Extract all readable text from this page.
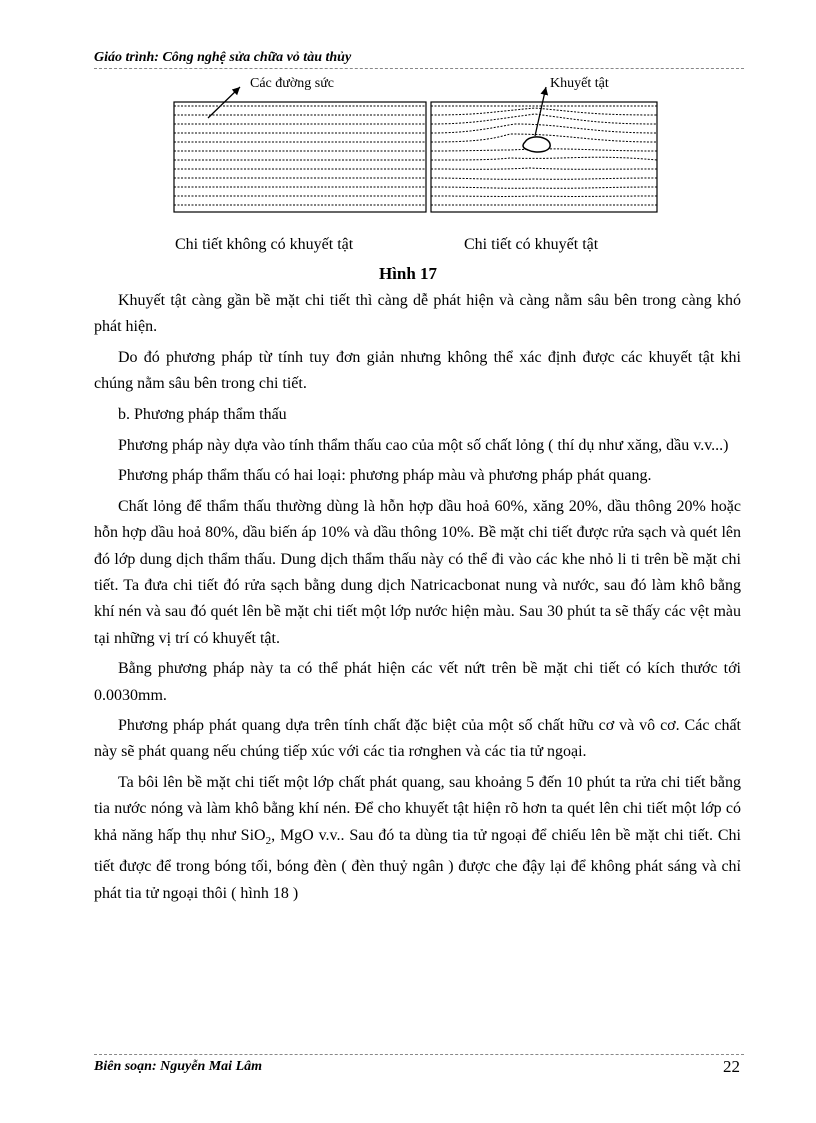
Giáo trình: Công nghệ sửa chữa vỏ tàu thủy
Các đường sức	Khuyết tật
Chi tiết không có khuyết tật	Chi tiết có khuyết tật
Hình 17

Khuyết tật càng gần bề mặt chi tiết thì càng dễ phát hiện và càng nằm sâu bên trong càng khó phát hiện.

Do đó phương pháp từ tính tuy đơn giản nhưng không thể xác định được các khuyết tật khi chúng nằm sâu bên trong chi tiết.

b. Phương pháp thẩm thấu

Phương pháp này dựa vào tính thẩm thấu cao của một số chất lỏng ( thí dụ như xăng, dầu v.v...)

Phương pháp thẩm thấu có hai loại: phương pháp màu và phương pháp phát quang.

Chất lỏng để thẩm thấu thường dùng là hỗn hợp dầu hoả 60%, xăng 20%, dầu thông 20% hoặc hỗn hợp dầu hoả 80%, dầu biến áp 10% và dầu thông 10%. Bề mặt chi tiết được rửa sạch và quét lên đó lớp dung dịch thẩm thấu. Dung dịch thẩm thấu này có thể đi vào các khe nhỏ li ti trên bề mặt chi tiết. Ta đưa chi tiết đó rửa sạch bằng dung dịch Natricacbonat nung và nước, sau đó làm khô bằng khí nén và sau đó quét lên bề mặt chi tiết một lớp nước hiện màu. Sau 30 phút ta sẽ thấy các vệt màu tại những vị trí có khuyết tật.

Bằng phương pháp này ta có thể phát hiện các vết nứt trên bề mặt chi tiết có kích thước tới 0.0030mm.

Phương pháp phát quang dựa trên tính chất đặc biệt của một số chất hữu cơ và vô cơ. Các chất này sẽ phát quang nếu chúng tiếp xúc với các tia rơnghen và các tia tử ngoại.

Ta bôi lên bề mặt chi tiết một lớp chất phát quang, sau khoảng 5 đến 10 phút ta rửa chi tiết bằng tia nước nóng và làm khô bằng khí nén. Để cho khuyết tật hiện rõ hơn ta quét lên chi tiết một lớp có khả năng hấp thụ như SiO$_2$, MgO v.v.. Sau đó ta dùng tia tử ngoại để chiếu lên bề mặt chi tiết. Chi tiết được để trong bóng tối, bóng đèn ( đèn thuỷ ngân ) được che đậy lại để không phát sáng và chỉ phát tia tử ngoại thôi ( hình 18 )

Biên soạn: Nguyễn Mai Lâm	22
